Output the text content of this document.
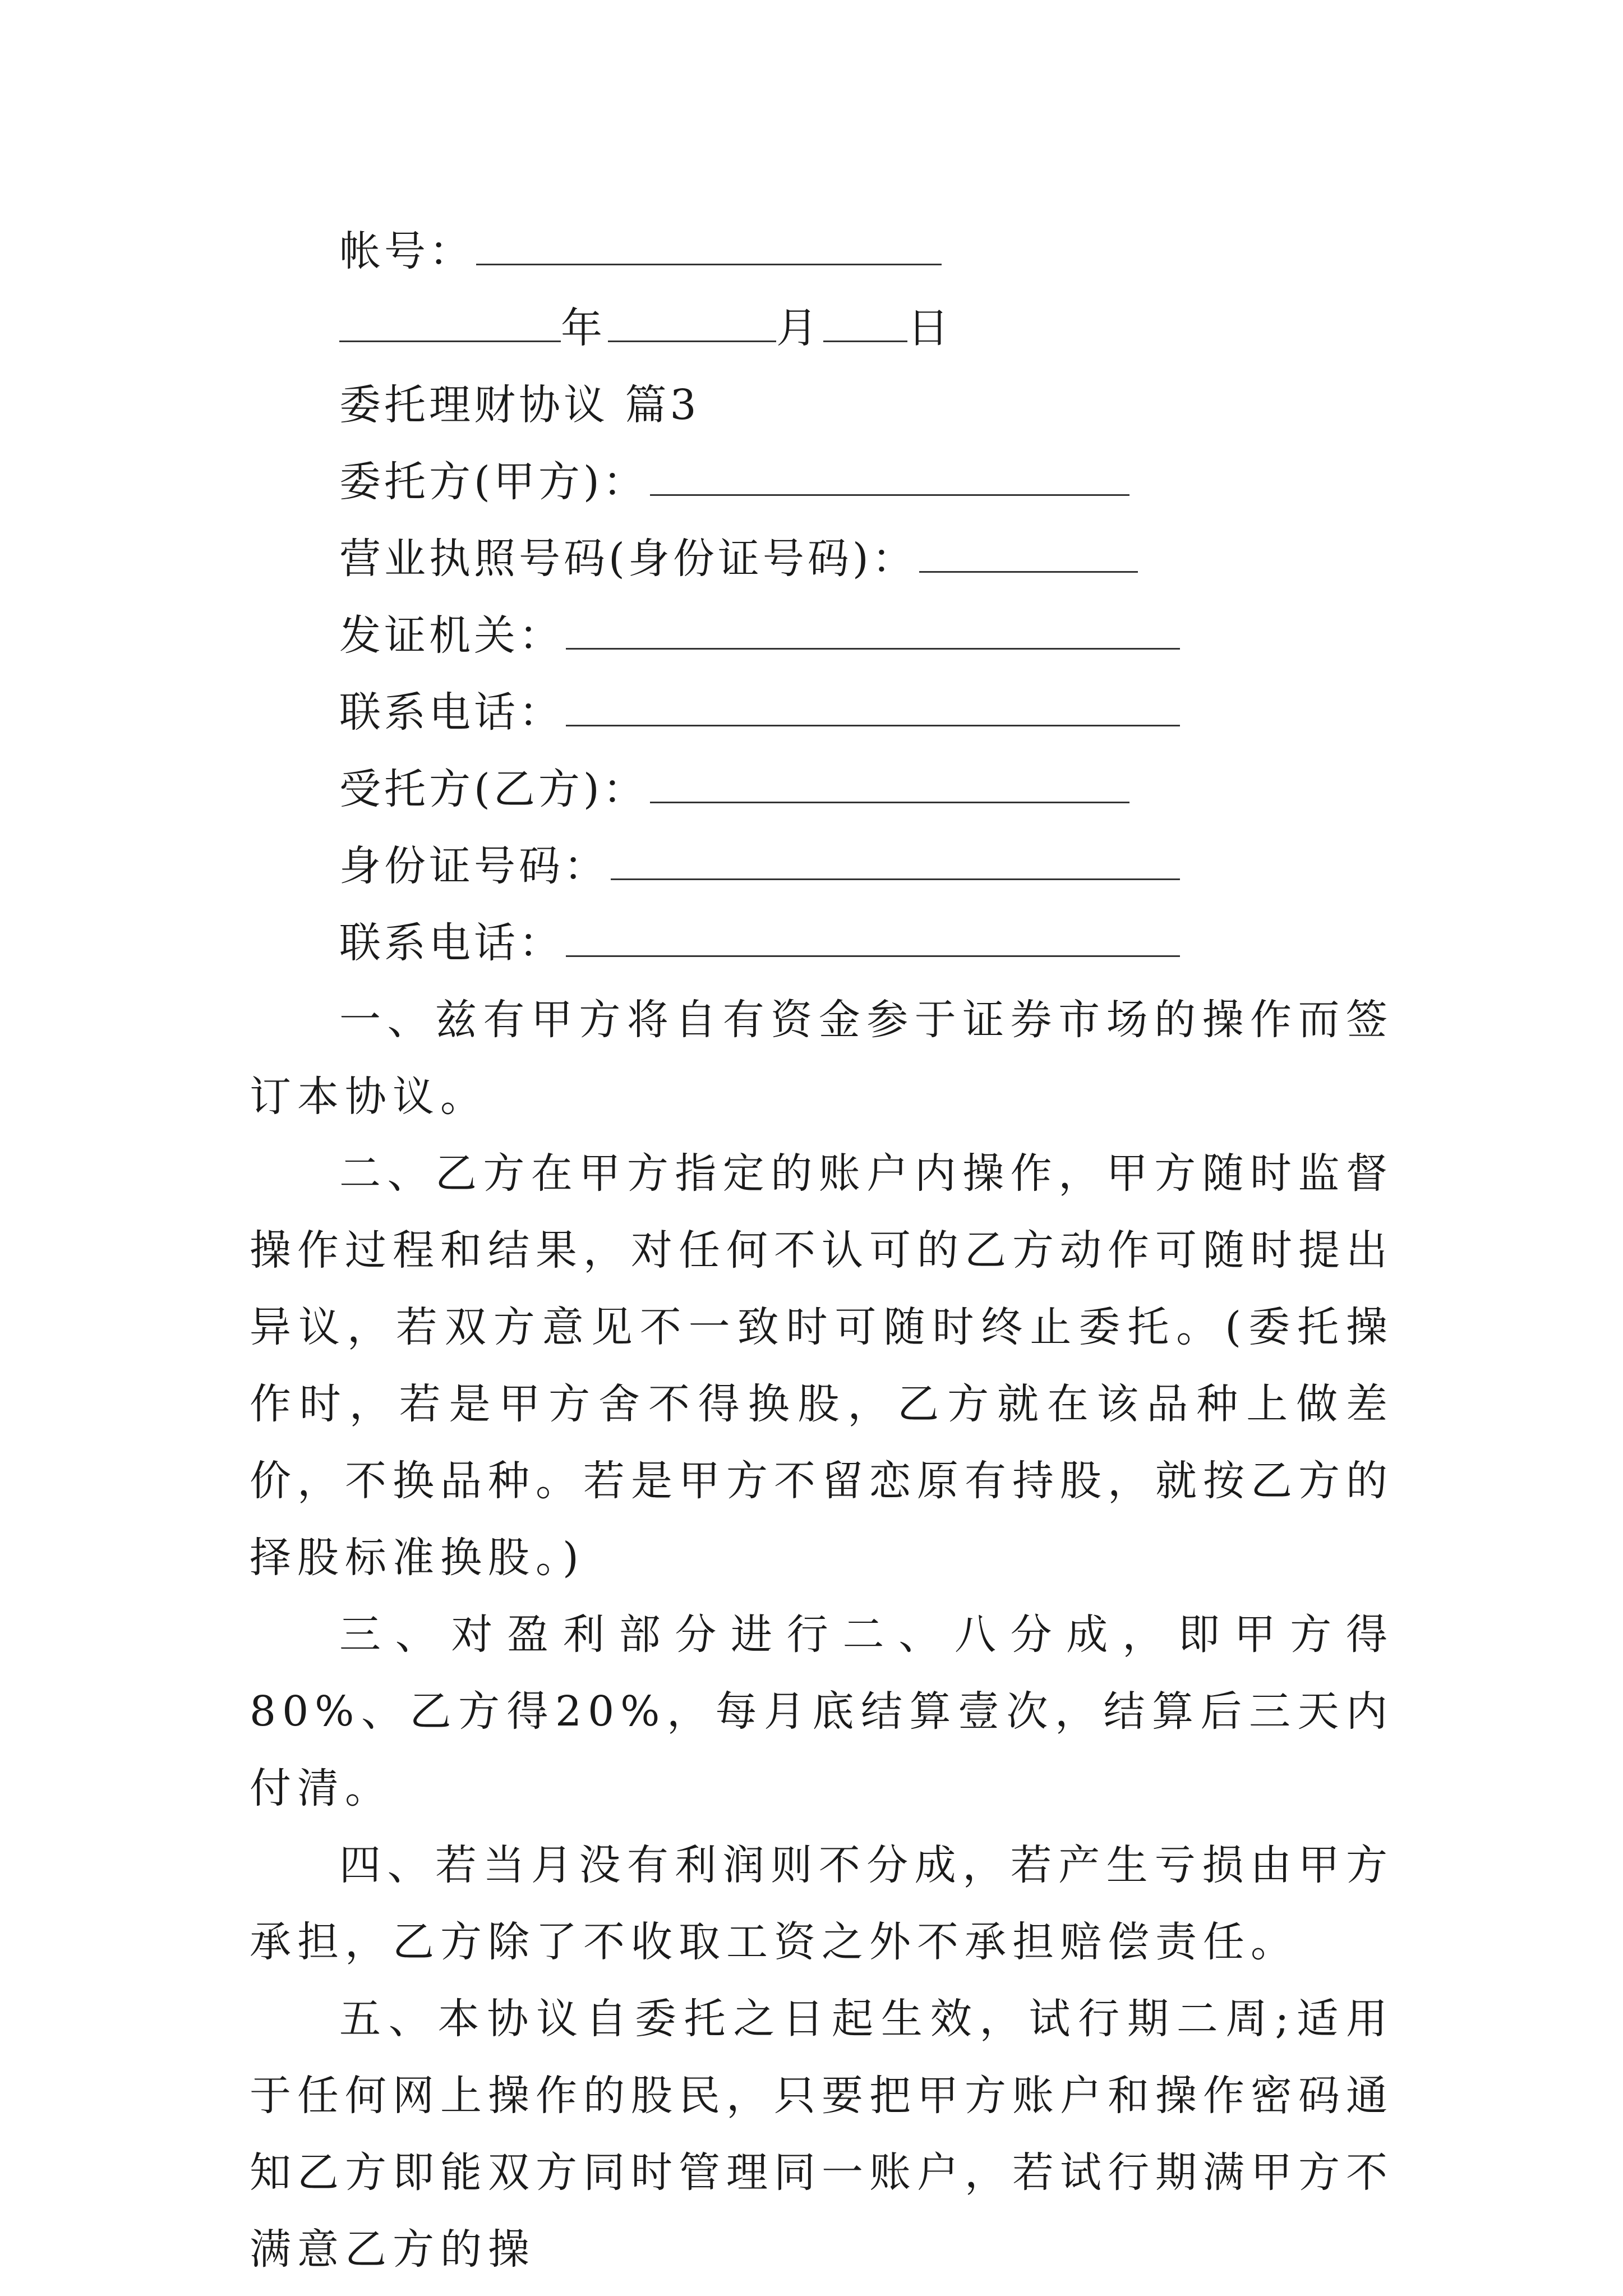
帐号：
年	月 日
委托理财协议 篇3
委托方(甲方)：
营业执照号码(身份证号码)：
发证机关：
联系电话：
受托方(乙方)：
身份证号码：
联系电话：

一、兹有甲方将自有资金参于证券市场的操作而签订本协议。

二、乙方在甲方指定的账户内操作，甲方随时监督操作过程和结果，对任何不认可的乙方动作可随时提出异议，若双方意见不一致时可随时终止委托。(委托操作时，若是甲方舍不得换股，乙方就在该品种上做差价，不换品种。若是甲方不留恋原有持股，就按乙方的择股标准换股。)

三、对盈利部分进行二、八分成，即甲方得80%、乙方得20%，每月底结算壹次，结算后三天内付清。

四、若当月没有利润则不分成，若产生亏损由甲方承担，乙方除了不收取工资之外不承担赔偿责任。

五、本协议自委托之日起生效，试行期二周;适用于任何网上操作的股民，只要把甲方账户和操作密码通知乙方即能双方同时管理同一账户，若试行期满甲方不满意乙方的操
